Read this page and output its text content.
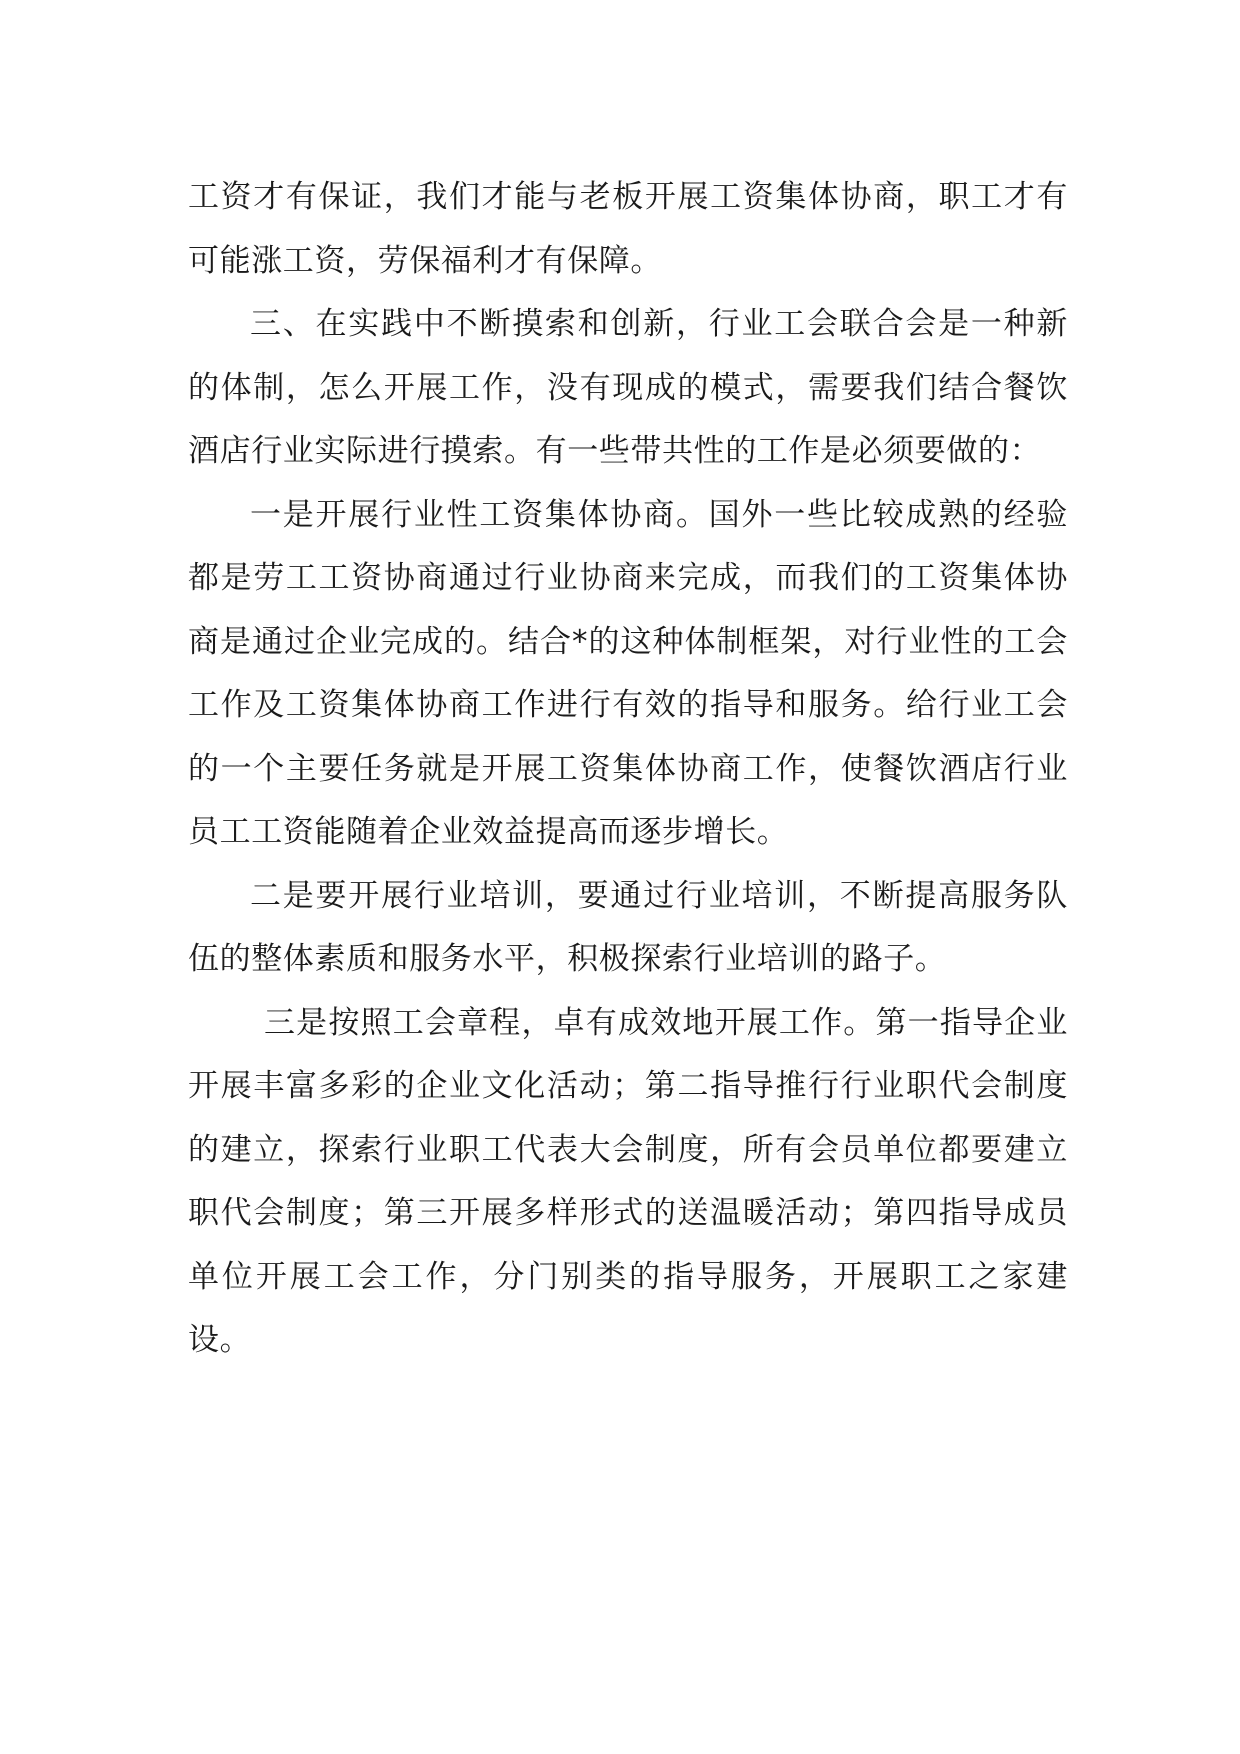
工资才有保证，我们才能与老板开展工资集体协商，职工才有可能涨工资，劳保福利才有保障。

三、在实践中不断摸索和创新，行业工会联合会是一种新的体制，怎么开展工作，没有现成的模式，需要我们结合餐饮酒店行业实际进行摸索。有一些带共性的工作是必须要做的：

一是开展行业性工资集体协商。国外一些比较成熟的经验都是劳工工资协商通过行业协商来完成，而我们的工资集体协商是通过企业完成的。结合*的这种体制框架，对行业性的工会工作及工资集体协商工作进行有效的指导和服务。给行业工会的一个主要任务就是开展工资集体协商工作，使餐饮酒店行业员工工资能随着企业效益提高而逐步增长。

二是要开展行业培训，要通过行业培训，不断提高服务队伍的整体素质和服务水平，积极探索行业培训的路子。

三是按照工会章程，卓有成效地开展工作。第一指导企业开展丰富多彩的企业文化活动；第二指导推行行业职代会制度的建立，探索行业职工代表大会制度，所有会员单位都要建立职代会制度；第三开展多样形式的送温暖活动；第四指导成员单位开展工会工作，分门别类的指导服务，开展职工之家建设。
